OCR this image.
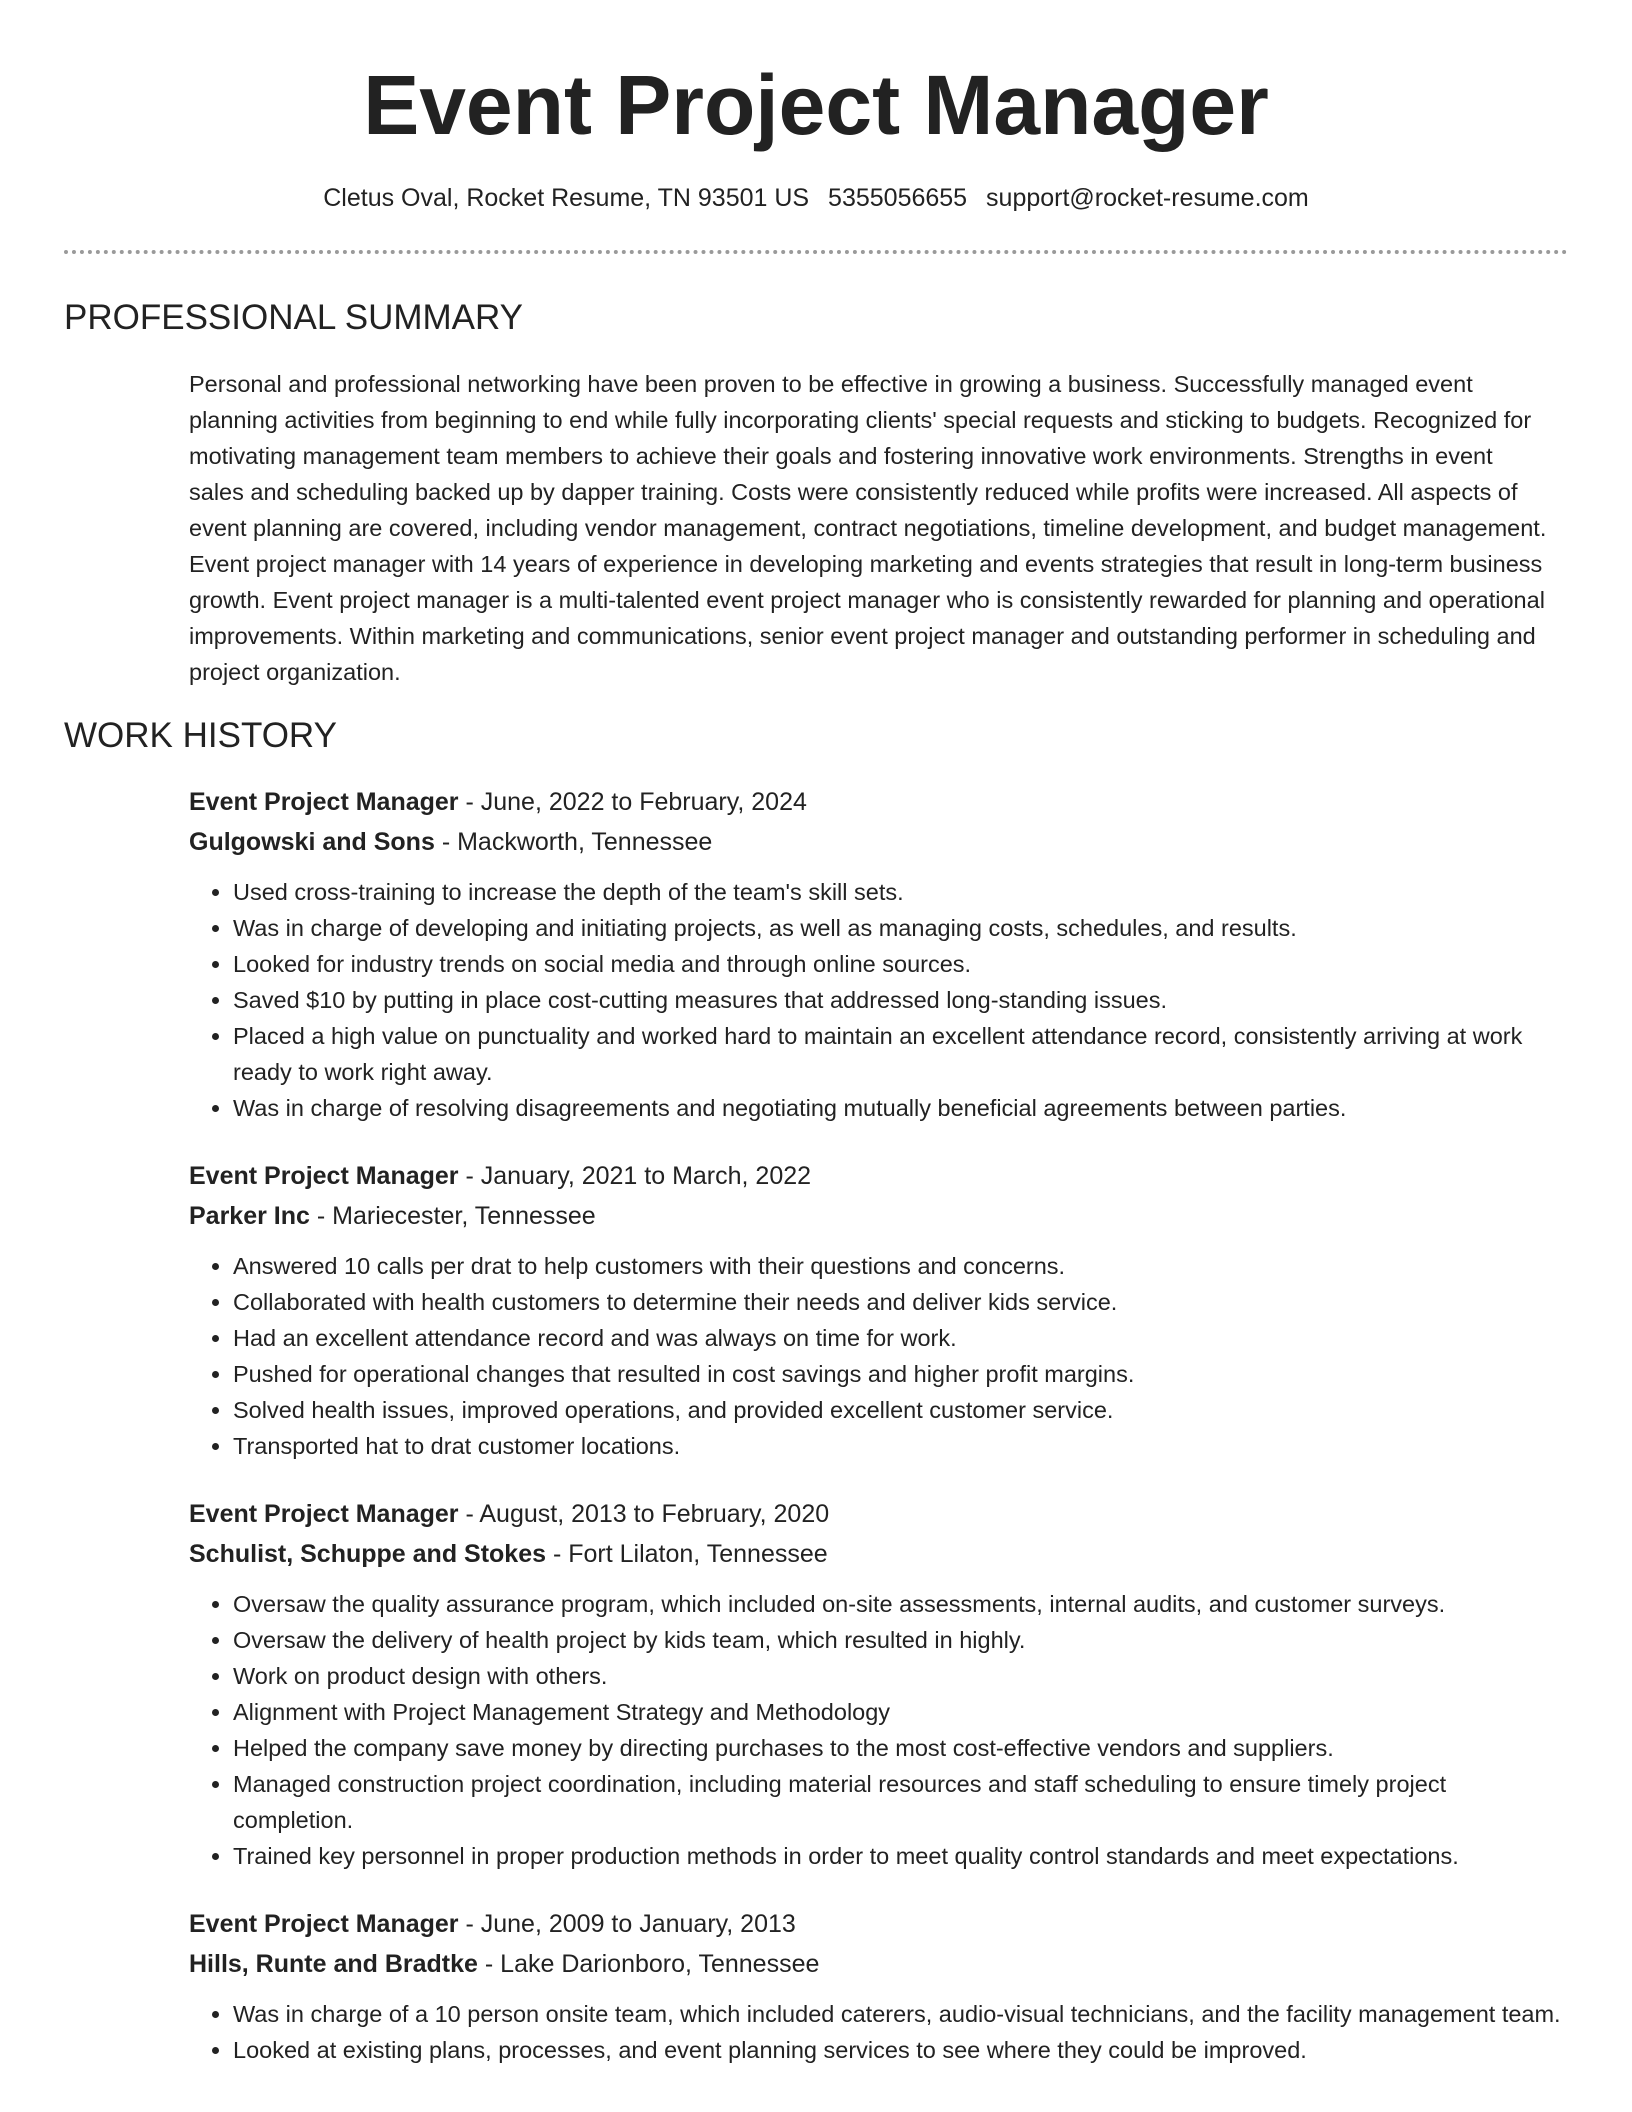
Event Project Manager
Cletus Oval, Rocket Resume, TN 93501 US 5355056655 support@rocket-resume.com
PROFESSIONAL SUMMARY

Personal and professional networking have been proven to be effective in growing a business. Successfully managed event planning activities from beginning to end while fully incorporating clients' special requests and sticking to budgets. Recognized for motivating management team members to achieve their goals and fostering innovative work environments. Strengths in event sales and scheduling backed up by dapper training. Costs were consistently reduced while profits were increased. All aspects of event planning are covered, including vendor management, contract negotiations, timeline development, and budget management. Event project manager with 14 years of experience in developing marketing and events strategies that result in long-term business growth. Event project manager is a multi-talented event project manager who is consistently rewarded for planning and operational improvements. Within marketing and communications, senior event project manager and outstanding performer in scheduling and project organization.

WORK HISTORY
Event Project Manager - June, 2022 to February, 2024
Gulgowski and Sons - Mackworth, Tennessee
• Used cross-training to increase the depth of the team's skill sets.
• Was in charge of developing and initiating projects, as well as managing costs, schedules, and results.
• Looked for industry trends on social media and through online sources.
• Saved $10 by putting in place cost-cutting measures that addressed long-standing issues.
• Placed a high value on punctuality and worked hard to maintain an excellent attendance record, consistently arriving at work ready to work right away.
• Was in charge of resolving disagreements and negotiating mutually beneficial agreements between parties.
Event Project Manager - January, 2021 to March, 2022
Parker Inc - Mariecester, Tennessee
• Answered 10 calls per drat to help customers with their questions and concerns.
• Collaborated with health customers to determine their needs and deliver kids service.
• Had an excellent attendance record and was always on time for work.
• Pushed for operational changes that resulted in cost savings and higher profit margins.
• Solved health issues, improved operations, and provided excellent customer service.
• Transported hat to drat customer locations.
Event Project Manager - August, 2013 to February, 2020
Schulist, Schuppe and Stokes - Fort Lilaton, Tennessee
• Oversaw the quality assurance program, which included on-site assessments, internal audits, and customer surveys.
• Oversaw the delivery of health project by kids team, which resulted in highly.
• Work on product design with others.
• Alignment with Project Management Strategy and Methodology
• Helped the company save money by directing purchases to the most cost-effective vendors and suppliers.
• Managed construction project coordination, including material resources and staff scheduling to ensure timely project completion.
• Trained key personnel in proper production methods in order to meet quality control standards and meet expectations.
Event Project Manager - June, 2009 to January, 2013
Hills, Runte and Bradtke - Lake Darionboro, Tennessee
• Was in charge of a 10 person onsite team, which included caterers, audio-visual technicians, and the facility management team.
• Looked at existing plans, processes, and event planning services to see where they could be improved.
